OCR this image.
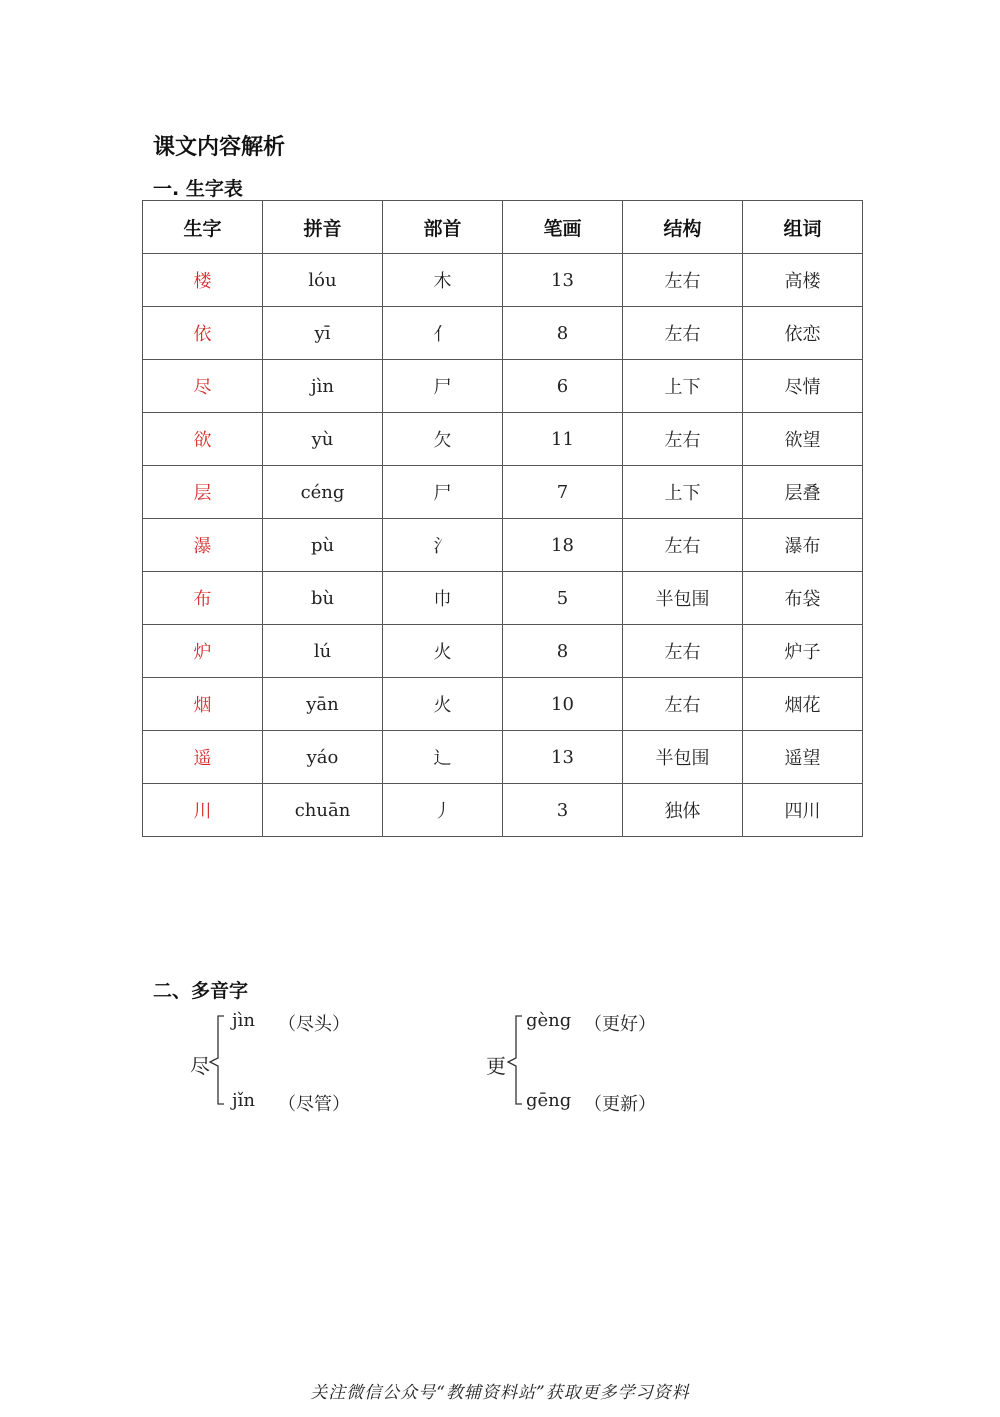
课文内容解析
一. 生字表
生字	拼音	部首	笔画	结构	组词
楼	lóu	木	13	左右	高楼
依	yī	亻	8	左右	依恋
尽	jìn	尸	6	上下	尽情
欲	yù	欠	11	左右	欲望
层	céng	尸	7	上下	层叠
瀑	pù	氵	18	左右	瀑布
布	bù	巾	5	半包围	布袋
炉	lú	火	8	左右	炉子
烟	yān	火	10	左右	烟花
遥	yáo	辶	13	半包围	遥望
川	chuān	丿	3	独体	四川
二、多音字
尽
jìn （尽头）
jǐn （尽管）
更
gèng （更好）
gēng （更新）
关注微信公众号“教辅资料站”获取更多学习资料
